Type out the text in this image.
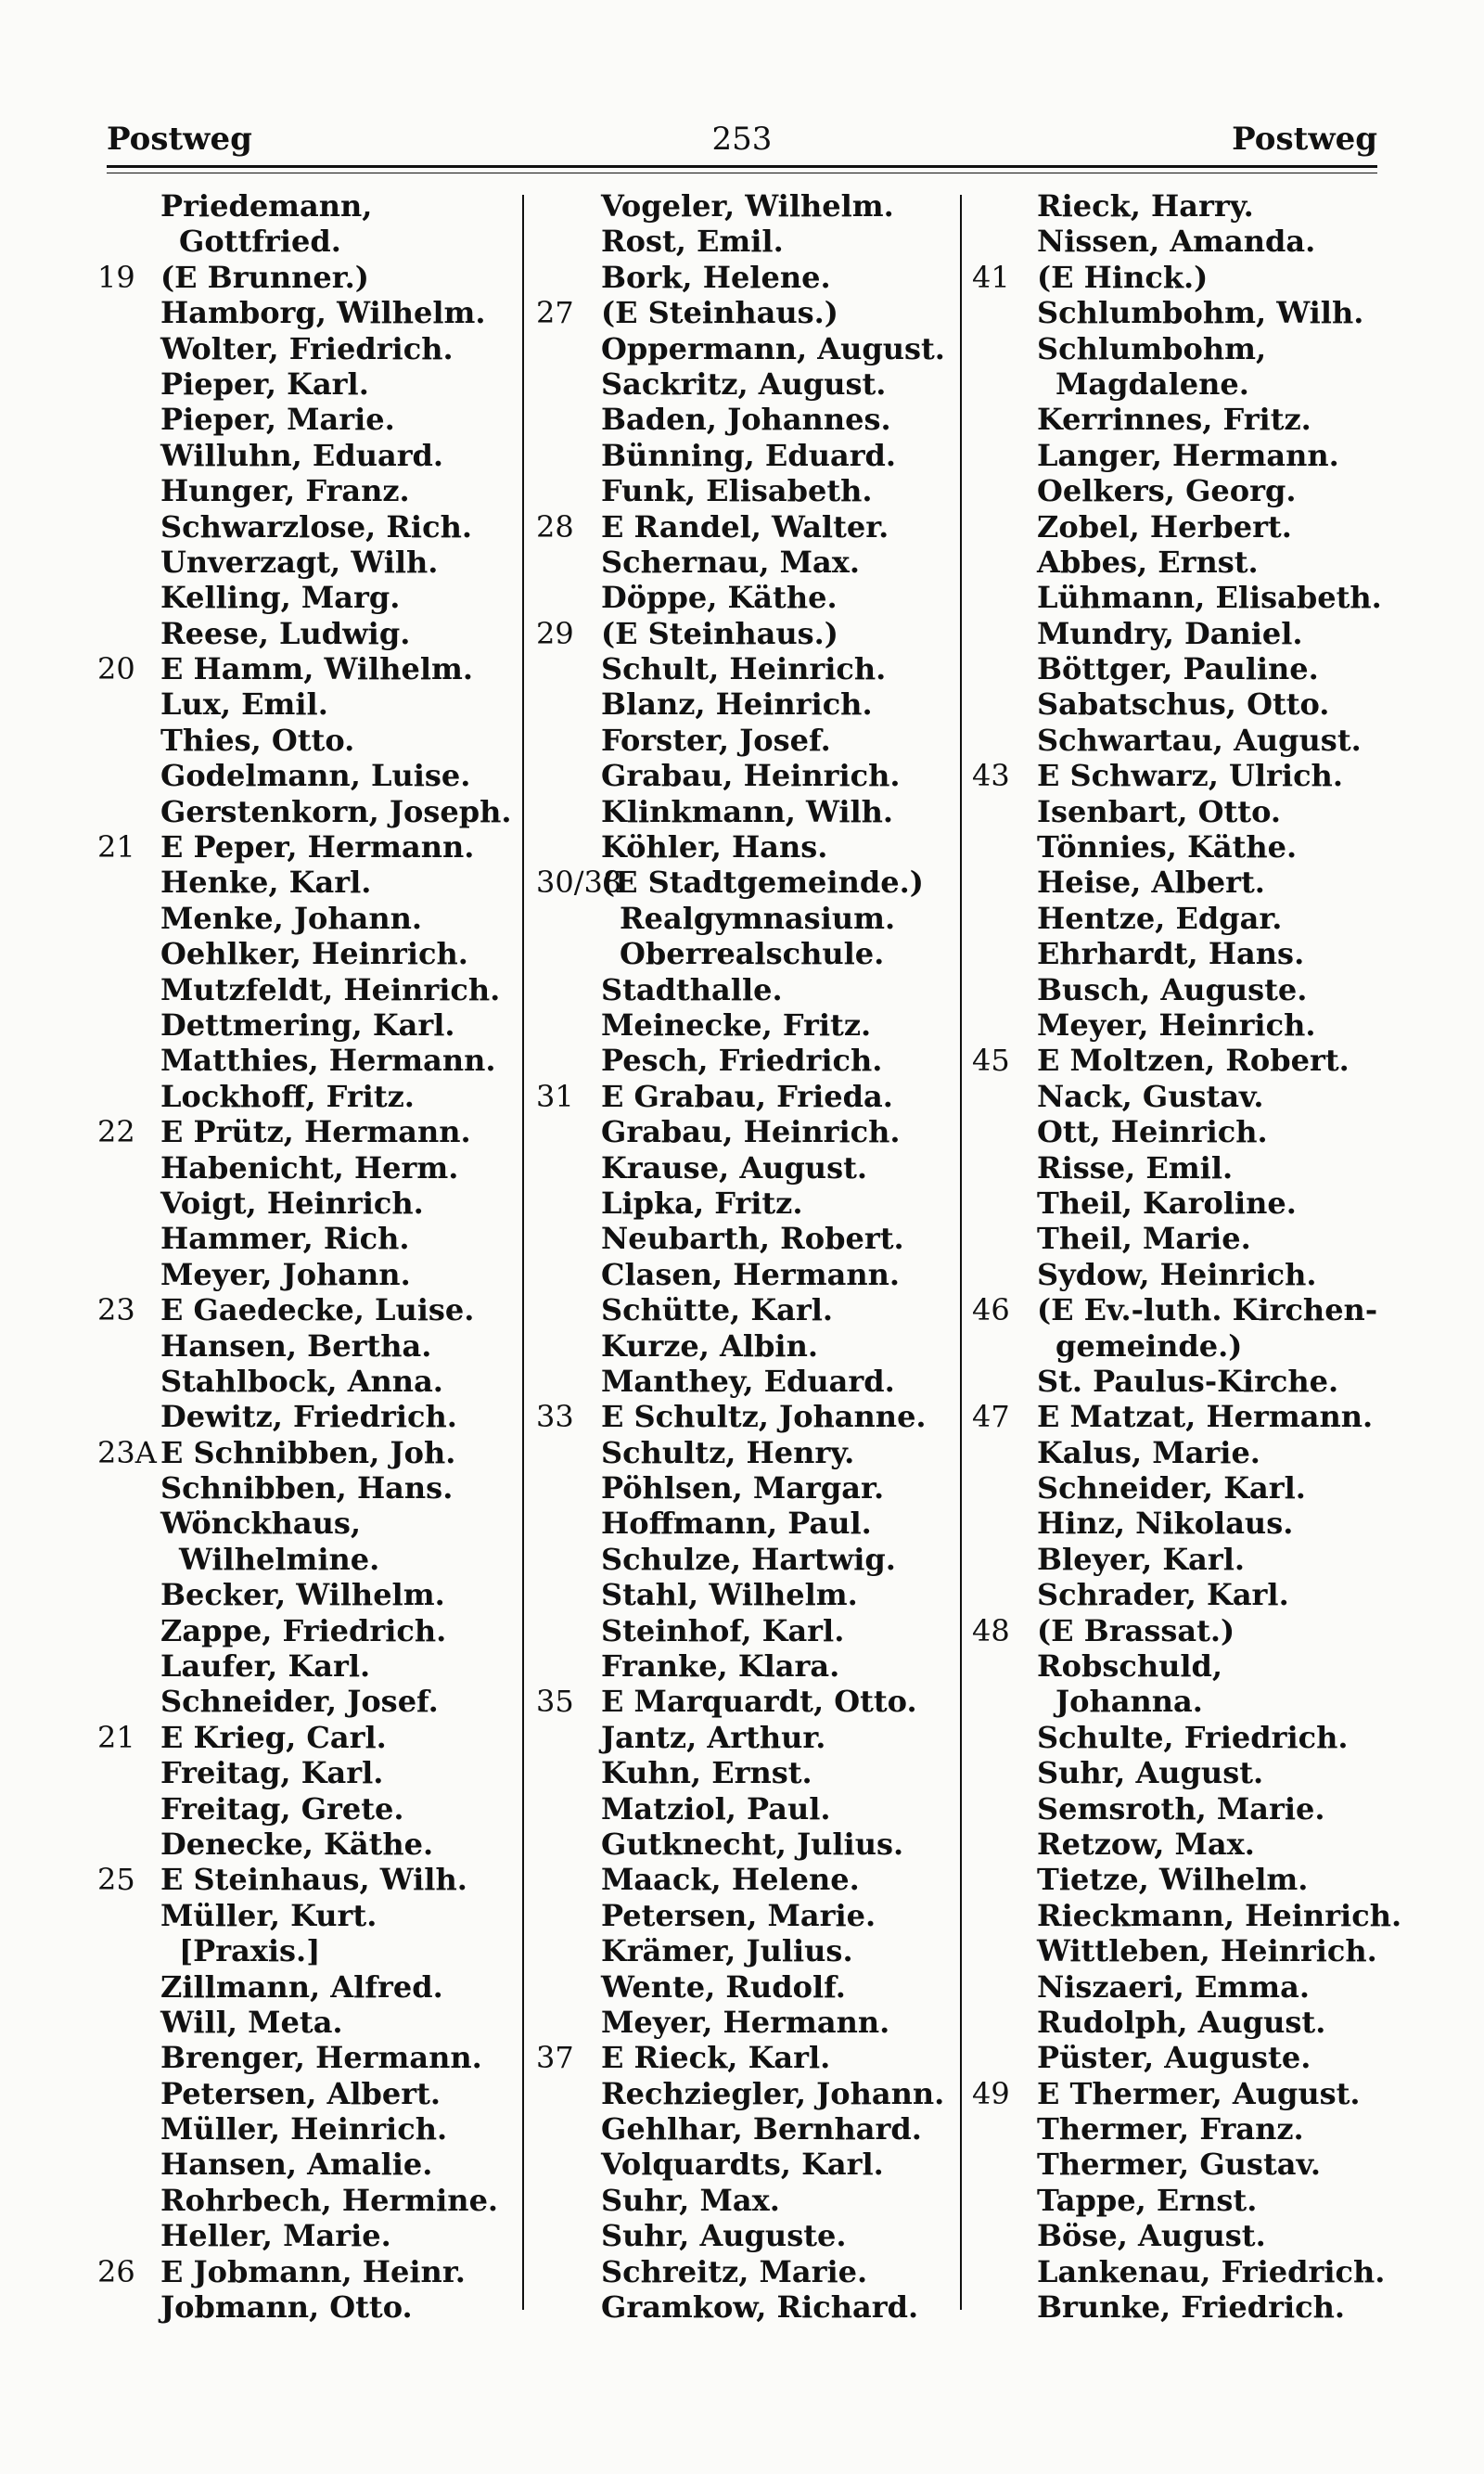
Postweg	253	Postweg
Priedemann,
Gottfried.
19 (E Brunner.)
Hamborg, Wilhelm.
Wolter, Friedrich.
Pieper, Karl.
Pieper, Marie.
Willuhn, Eduard.
Hunger, Franz.
Schwarzlose, Rich.
Unverzagt, Wilh.
Kelling, Marg.
Reese, Ludwig.
20 E Hamm, Wilhelm.
Lux, Emil.
Thies, Otto.
Godelmann, Luise.
Gerstenkorn, Joseph.
21 E Peper, Hermann.
Henke, Karl.
Menke, Johann.
Oehlker, Heinrich.
Mutzfeldt, Heinrich.
Dettmering, Karl.
Matthies, Hermann.
Lockhoff, Fritz.
22 E Prütz, Hermann.
Habenicht, Herm.
Voigt, Heinrich.
Hammer, Rich.
Meyer, Johann.
23 E Gaedecke, Luise.
Hansen, Bertha.
Stahlbock, Anna.
Dewitz, Friedrich.
23A E Schnibben, Joh.
Schnibben, Hans.
Wönckhaus,
Wilhelmine.
Becker, Wilhelm.
Zappe, Friedrich.
Laufer, Karl.
Schneider, Josef.
21 E Krieg, Carl.
Freitag, Karl.
Freitag, Grete.
Denecke, Käthe.
25 E Steinhaus, Wilh.
Müller, Kurt.
[Praxis.]
Zillmann, Alfred.
Will, Meta.
Brenger, Hermann.
Petersen, Albert.
Müller, Heinrich.
Hansen, Amalie.
Rohrbech, Hermine.
Heller, Marie.
26 E Jobmann, Heinr.
Jobmann, Otto.
Vogeler, Wilhelm.
Rost, Emil.
Bork, Helene.
27 (E Steinhaus.)
Oppermann, August.
Sackritz, August.
Baden, Johannes.
Bünning, Eduard.
Funk, Elisabeth.
28 E Randel, Walter.
Schernau, Max.
Döppe, Käthe.
29 (E Steinhaus.)
Schult, Heinrich.
Blanz, Heinrich.
Forster, Josef.
Grabau, Heinrich.
Klinkmann, Wilh.
Köhler, Hans.
30/38
(E Stadtgemeinde.)
Realgymnasium.
Oberrealschule.
Stadthalle.
Meinecke, Fritz.
Pesch, Friedrich.
31 E Grabau, Frieda.
Grabau, Heinrich.
Krause, August.
Lipka, Fritz.
Neubarth, Robert.
Clasen, Hermann.
Schütte, Karl.
Kurze, Albin.
Manthey, Eduard.
33 E Schultz, Johanne.
Schultz, Henry.
Pöhlsen, Margar.
Hoffmann, Paul.
Schulze, Hartwig.
Stahl, Wilhelm.
Steinhof, Karl.
Franke, Klara.
35 E Marquardt, Otto.
Jantz, Arthur.
Kuhn, Ernst.
Matziol, Paul.
Gutknecht, Julius.
Maack, Helene.
Petersen, Marie.
Krämer, Julius.
Wente, Rudolf.
Meyer, Hermann.
37 E Rieck, Karl.
Rechziegler, Johann.
Gehlhar, Bernhard.
Volquardts, Karl.
Suhr, Max.
Suhr, Auguste.
Schreitz, Marie.
Gramkow, Richard.
Rieck, Harry.
Nissen, Amanda.
41 (E Hinck.)
Schlumbohm, Wilh.
Schlumbohm,
Magdalene.
Kerrinnes, Fritz.
Langer, Hermann.
Oelkers, Georg.
Zobel, Herbert.
Abbes, Ernst.
Lühmann, Elisabeth.
Mundry, Daniel.
Böttger, Pauline.
Sabatschus, Otto.
Schwartau, August.
43 E Schwarz, Ulrich.
Isenbart, Otto.
Tönnies, Käthe.
Heise, Albert.
Hentze, Edgar.
Ehrhardt, Hans.
Busch, Auguste.
Meyer, Heinrich.
45 E Moltzen, Robert.
Nack, Gustav.
Ott, Heinrich.
Risse, Emil.
Theil, Karoline.
Theil, Marie.
Sydow, Heinrich.
46 (E Ev.-luth. Kirchen-
gemeinde.)
St. Paulus-Kirche.
47 E Matzat, Hermann.
Kalus, Marie.
Schneider, Karl.
Hinz, Nikolaus.
Bleyer, Karl.
Schrader, Karl.
48 (E Brassat.)
Robschuld,
Johanna.
Schulte, Friedrich.
Suhr, August.
Semsroth, Marie.
Retzow, Max.
Tietze, Wilhelm.
Rieckmann, Heinrich.
Wittleben, Heinrich.
Niszaeri, Emma.
Rudolph, August.
Püster, Auguste.
49 E Thermer, August.
Thermer, Franz.
Thermer, Gustav.
Tappe, Ernst.
Böse, August.
Lankenau, Friedrich.
Brunke, Friedrich.
